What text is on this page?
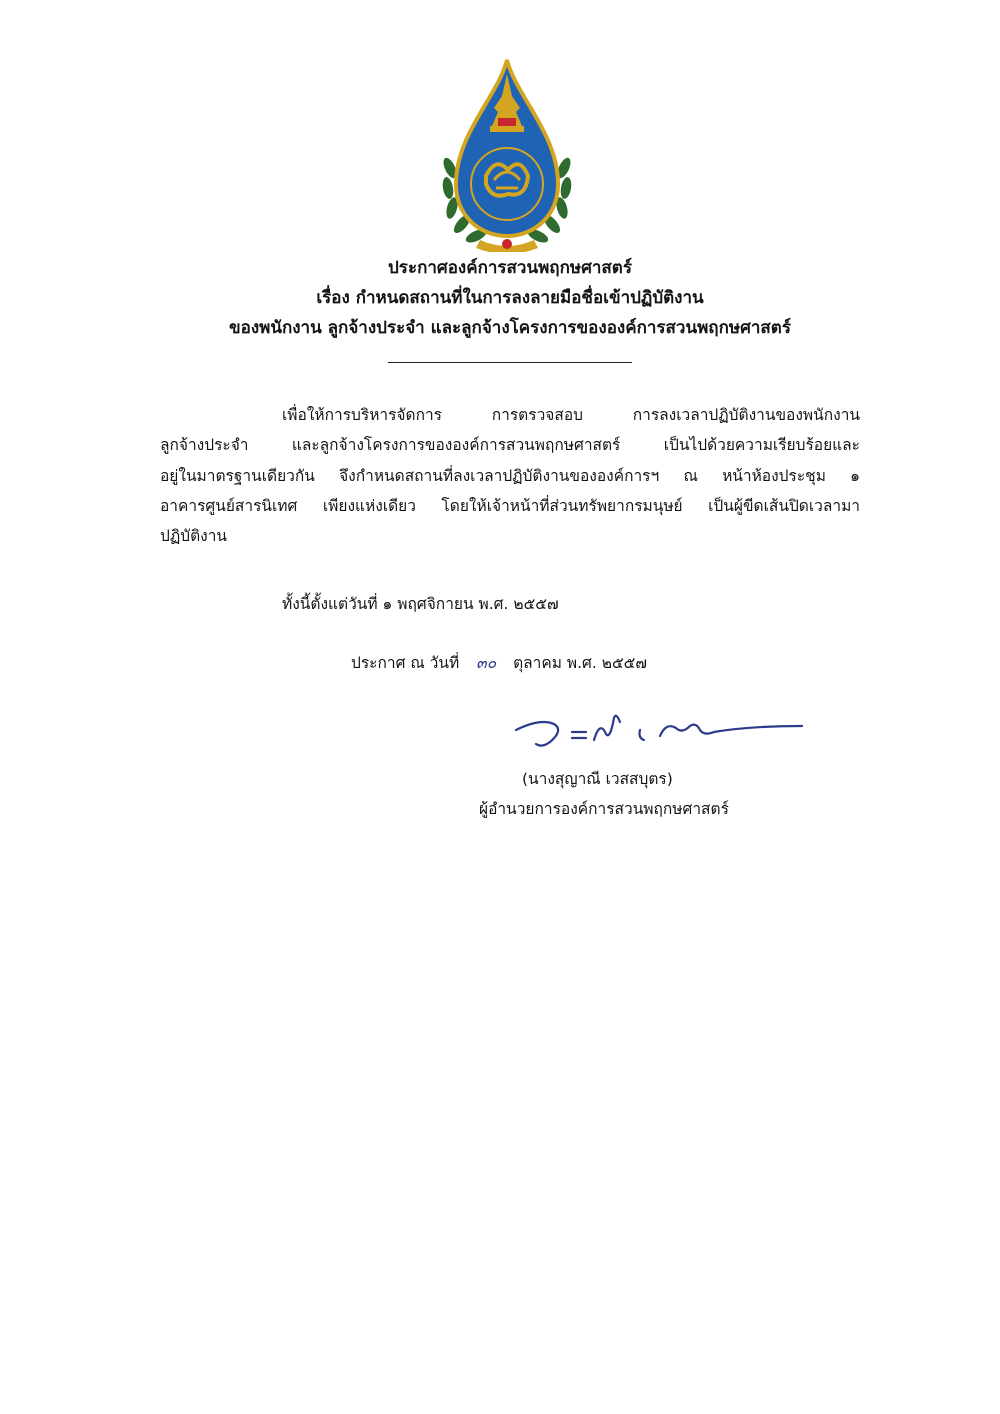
ประกาศองค์การสวนพฤกษศาสตร์
เรื่อง กำหนดสถานที่ในการลงลายมือชื่อเข้าปฏิบัติงาน
ของพนักงาน ลูกจ้างประจำ และลูกจ้างโครงการขององค์การสวนพฤกษศาสตร์
เพื่อให้การบริหารจัดการ การตรวจสอบ การลงเวลาปฏิบัติงานของพนักงาน
ลูกจ้างประจำ และลูกจ้างโครงการขององค์การสวนพฤกษศาสตร์ เป็นไปด้วยความเรียบร้อยและ
อยู่ในมาตรฐานเดียวกัน จึงกำหนดสถานที่ลงเวลาปฏิบัติงานขององค์การฯ ณ หน้าห้องประชุม ๑
อาคารศูนย์สารนิเทศ เพียงแห่งเดียว โดยให้เจ้าหน้าที่ส่วนทรัพยากรมนุษย์ เป็นผู้ขีดเส้นปิดเวลามา
ปฏิบัติงาน
ทั้งนี้ตั้งแต่วันที่ ๑ พฤศจิกายน พ.ศ. ๒๕๕๗
ประกาศ ณ วันที่ ๓๐ ตุลาคม พ.ศ. ๒๕๕๗
(นางสุญาณี เวสสบุตร)
ผู้อำนวยการองค์การสวนพฤกษศาสตร์
